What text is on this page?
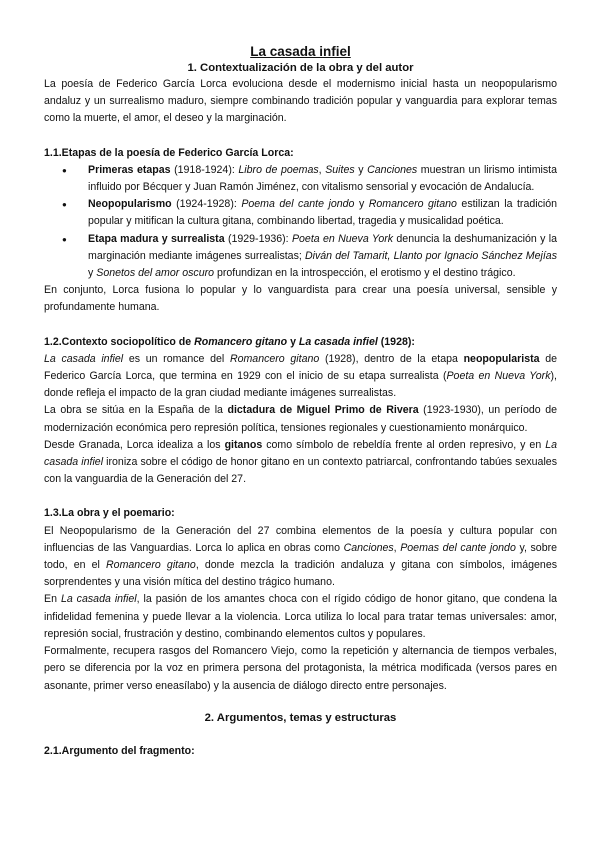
La casada infiel
1. Contextualización de la obra y del autor

La poesía de Federico García Lorca evoluciona desde el modernismo inicial hasta un neopopularismo andaluz y un surrealismo maduro, siempre combinando tradición popular y vanguardia para explorar temas como la muerte, el amor, el deseo y la marginación.

1.1.Etapas de la poesía de Federico García Lorca:
● Primeras etapas (1918-1924): Libro de poemas, Suites y Canciones muestran un lirismo intimista influido por Bécquer y Juan Ramón Jiménez, con vitalismo sensorial y evocación de Andalucía.
● Neopopularismo (1924-1928): Poema del cante jondo y Romancero gitano estilizan la tradición popular y mitifican la cultura gitana, combinando libertad, tragedia y musicalidad poética.
● Etapa madura y surrealista (1929-1936): Poeta en Nueva York denuncia la deshumanización y la marginación mediante imágenes surrealistas; Diván del Tamarit, Llanto por Ignacio Sánchez Mejías y Sonetos del amor oscuro profundizan en la introspección, el erotismo y el destino trágico.

En conjunto, Lorca fusiona lo popular y lo vanguardista para crear una poesía universal, sensible y profundamente humana.

1.2.Contexto sociopolítico de Romancero gitano y La casada infiel (1928):

La casada infiel es un romance del Romancero gitano (1928), dentro de la etapa neopopularista de Federico García Lorca, que termina en 1929 con el inicio de su etapa surrealista (Poeta en Nueva York), donde refleja el impacto de la gran ciudad mediante imágenes surrealistas.

La obra se sitúa en la España de la dictadura de Miguel Primo de Rivera (1923-1930), un período de modernización económica pero represión política, tensiones regionales y cuestionamiento monárquico.

Desde Granada, Lorca idealiza a los gitanos como símbolo de rebeldía frente al orden represivo, y en La casada infiel ironiza sobre el código de honor gitano en un contexto patriarcal, confrontando tabúes sexuales con la vanguardia de la Generación del 27.

1.3.La obra y el poemario:

El Neopopularismo de la Generación del 27 combina elementos de la poesía y cultura popular con influencias de las Vanguardias. Lorca lo aplica en obras como Canciones, Poemas del cante jondo y, sobre todo, en el Romancero gitano, donde mezcla la tradición andaluza y gitana con símbolos, imágenes sorprendentes y una visión mítica del destino trágico humano.

En La casada infiel, la pasión de los amantes choca con el rígido código de honor gitano, que condena la infidelidad femenina y puede llevar a la violencia. Lorca utiliza lo local para tratar temas universales: amor, represión social, frustración y destino, combinando elementos cultos y populares.

Formalmente, recupera rasgos del Romancero Viejo, como la repetición y alternancia de tiempos verbales, pero se diferencia por la voz en primera persona del protagonista, la métrica modificada (versos pares en asonante, primer verso eneasílabo) y la ausencia de diálogo directo entre personajes.

2. Argumentos, temas y estructuras
2.1.Argumento del fragmento:
